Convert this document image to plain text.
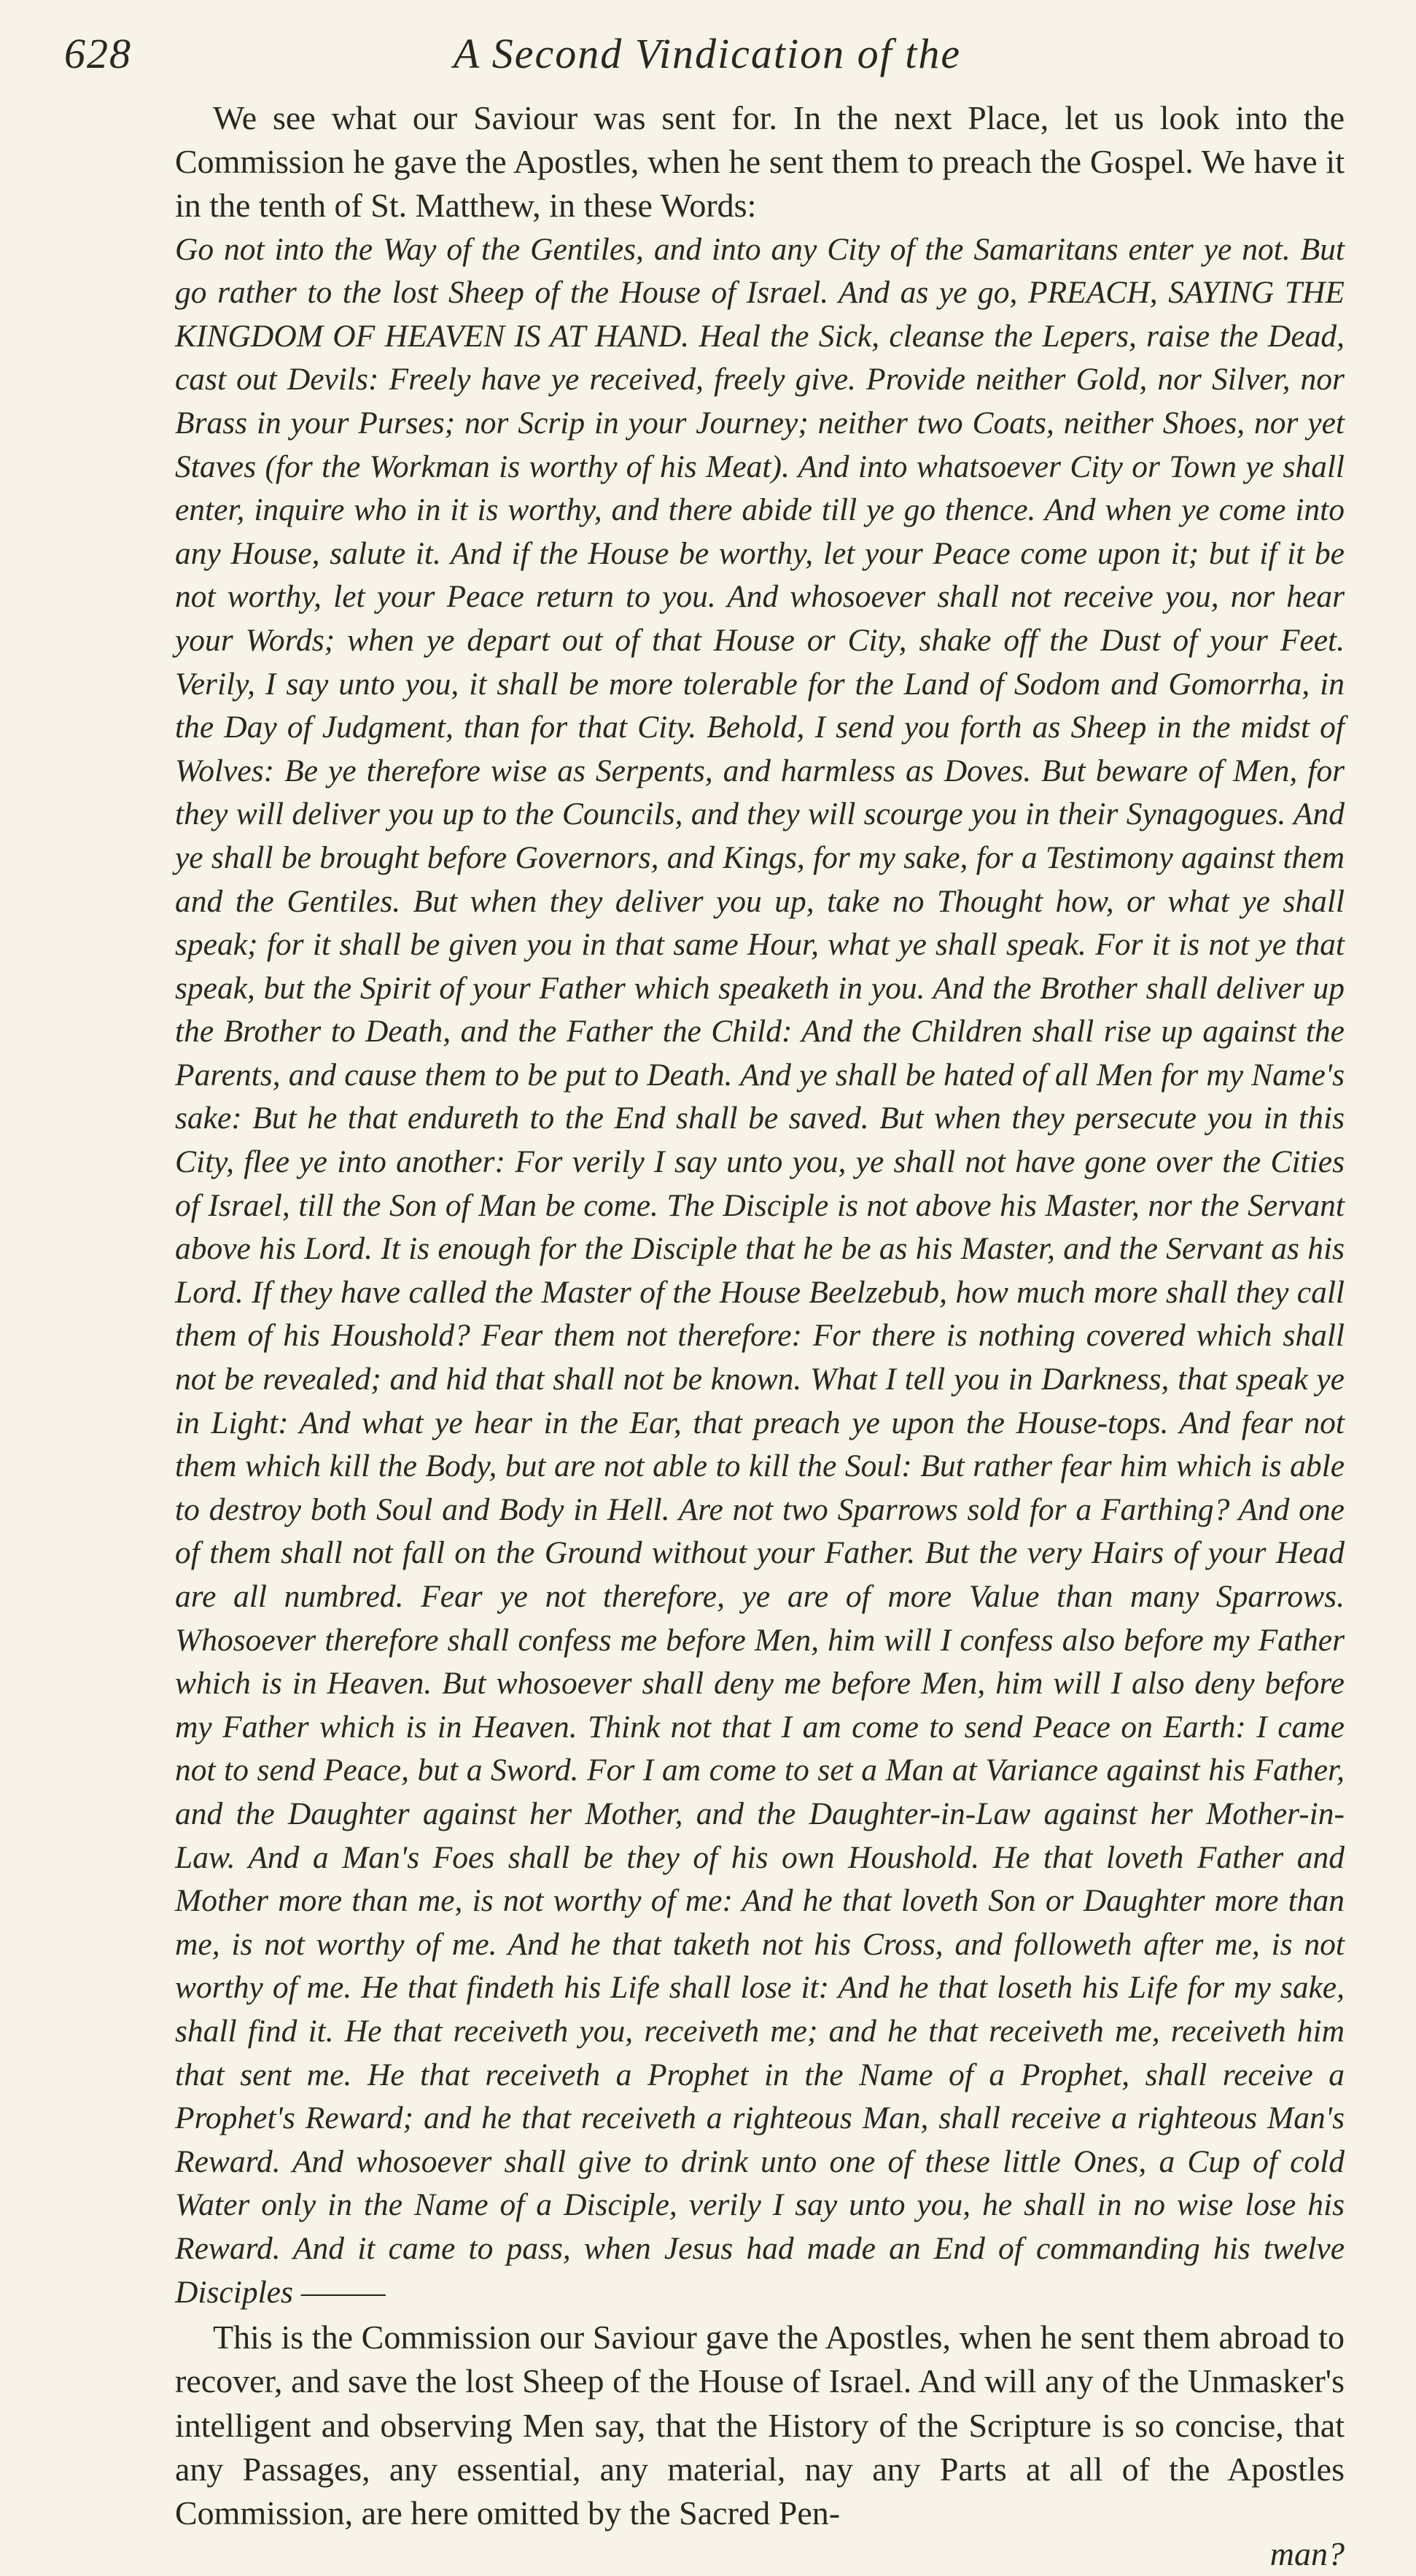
628	A Second Vindication of the

We see what our Saviour was sent for. In the next Place, let us look into the Commission he gave the Apostles, when he sent them to preach the Gospel. We have it in the tenth of St. Matthew, in these Words:

Go not into the Way of the Gentiles, and into any City of the Samaritans enter ye not. But go rather to the lost Sheep of the House of Israel. And as ye go, PREACH, SAYING THE KINGDOM OF HEAVEN IS AT HAND. Heal the Sick, cleanse the Lepers, raise the Dead, cast out Devils: Freely have ye received, freely give. Provide neither Gold, nor Silver, nor Brass in your Purses; nor Scrip in your Journey; neither two Coats, neither Shoes, nor yet Staves (for the Workman is worthy of his Meat). And into whatsoever City or Town ye shall enter, inquire who in it is worthy, and there abide till ye go thence. And when ye come into any House, salute it. And if the House be worthy, let your Peace come upon it; but if it be not worthy, let your Peace return to you. And whosoever shall not receive you, nor hear your Words; when ye depart out of that House or City, shake off the Dust of your Feet. Verily, I say unto you, it shall be more tolerable for the Land of Sodom and Gomorrha, in the Day of Judgment, than for that City. Behold, I send you forth as Sheep in the midst of Wolves: Be ye therefore wise as Serpents, and harmless as Doves. But beware of Men, for they will deliver you up to the Councils, and they will scourge you in their Synagogues. And ye shall be brought before Governors, and Kings, for my sake, for a Testimony against them and the Gentiles. But when they deliver you up, take no Thought how, or what ye shall speak; for it shall be given you in that same Hour, what ye shall speak. For it is not ye that speak, but the Spirit of your Father which speaketh in you. And the Brother shall deliver up the Brother to Death, and the Father the Child: And the Children shall rise up against the Parents, and cause them to be put to Death. And ye shall be hated of all Men for my Name's sake: But he that endureth to the End shall be saved. But when they persecute you in this City, flee ye into another: For verily I say unto you, ye shall not have gone over the Cities of Israel, till the Son of Man be come. The Disciple is not above his Master, nor the Servant above his Lord. It is enough for the Disciple that he be as his Master, and the Servant as his Lord. If they have called the Master of the House Beelzebub, how much more shall they call them of his Houshold? Fear them not therefore: For there is nothing covered which shall not be revealed; and hid that shall not be known. What I tell you in Darkness, that speak ye in Light: And what ye hear in the Ear, that preach ye upon the House-tops. And fear not them which kill the Body, but are not able to kill the Soul: But rather fear him which is able to destroy both Soul and Body in Hell. Are not two Sparrows sold for a Farthing? And one of them shall not fall on the Ground without your Father. But the very Hairs of your Head are all numbred. Fear ye not therefore, ye are of more Value than many Sparrows. Whosoever therefore shall confess me before Men, him will I confess also before my Father which is in Heaven. But whosoever shall deny me before Men, him will I also deny before my Father which is in Heaven. Think not that I am come to send Peace on Earth: I came not to send Peace, but a Sword. For I am come to set a Man at Variance against his Father, and the Daughter against her Mother, and the Daughter-in-Law against her Mother-in-Law. And a Man's Foes shall be they of his own Houshold. He that loveth Father and Mother more than me, is not worthy of me: And he that loveth Son or Daughter more than me, is not worthy of me. And he that taketh not his Cross, and followeth after me, is not worthy of me. He that findeth his Life shall lose it: And he that loseth his Life for my sake, shall find it. He that receiveth you, receiveth me; and he that receiveth me, receiveth him that sent me. He that receiveth a Prophet in the Name of a Prophet, shall receive a Prophet's Reward; and he that receiveth a righteous Man, shall receive a righteous Man's Reward. And whosoever shall give to drink unto one of these little Ones, a Cup of cold Water only in the Name of a Disciple, verily I say unto you, he shall in no wise lose his Reward. And it came to pass, when Jesus had made an End of commanding his twelve Disciples ———

This is the Commission our Saviour gave the Apostles, when he sent them abroad to recover, and save the lost Sheep of the House of Israel. And will any of the Unmasker's intelligent and observing Men say, that the History of the Scripture is so concise, that any Passages, any essential, any material, nay any Parts at all of the Apostles Commission, are here omitted by the Sacred Pen-

man?
